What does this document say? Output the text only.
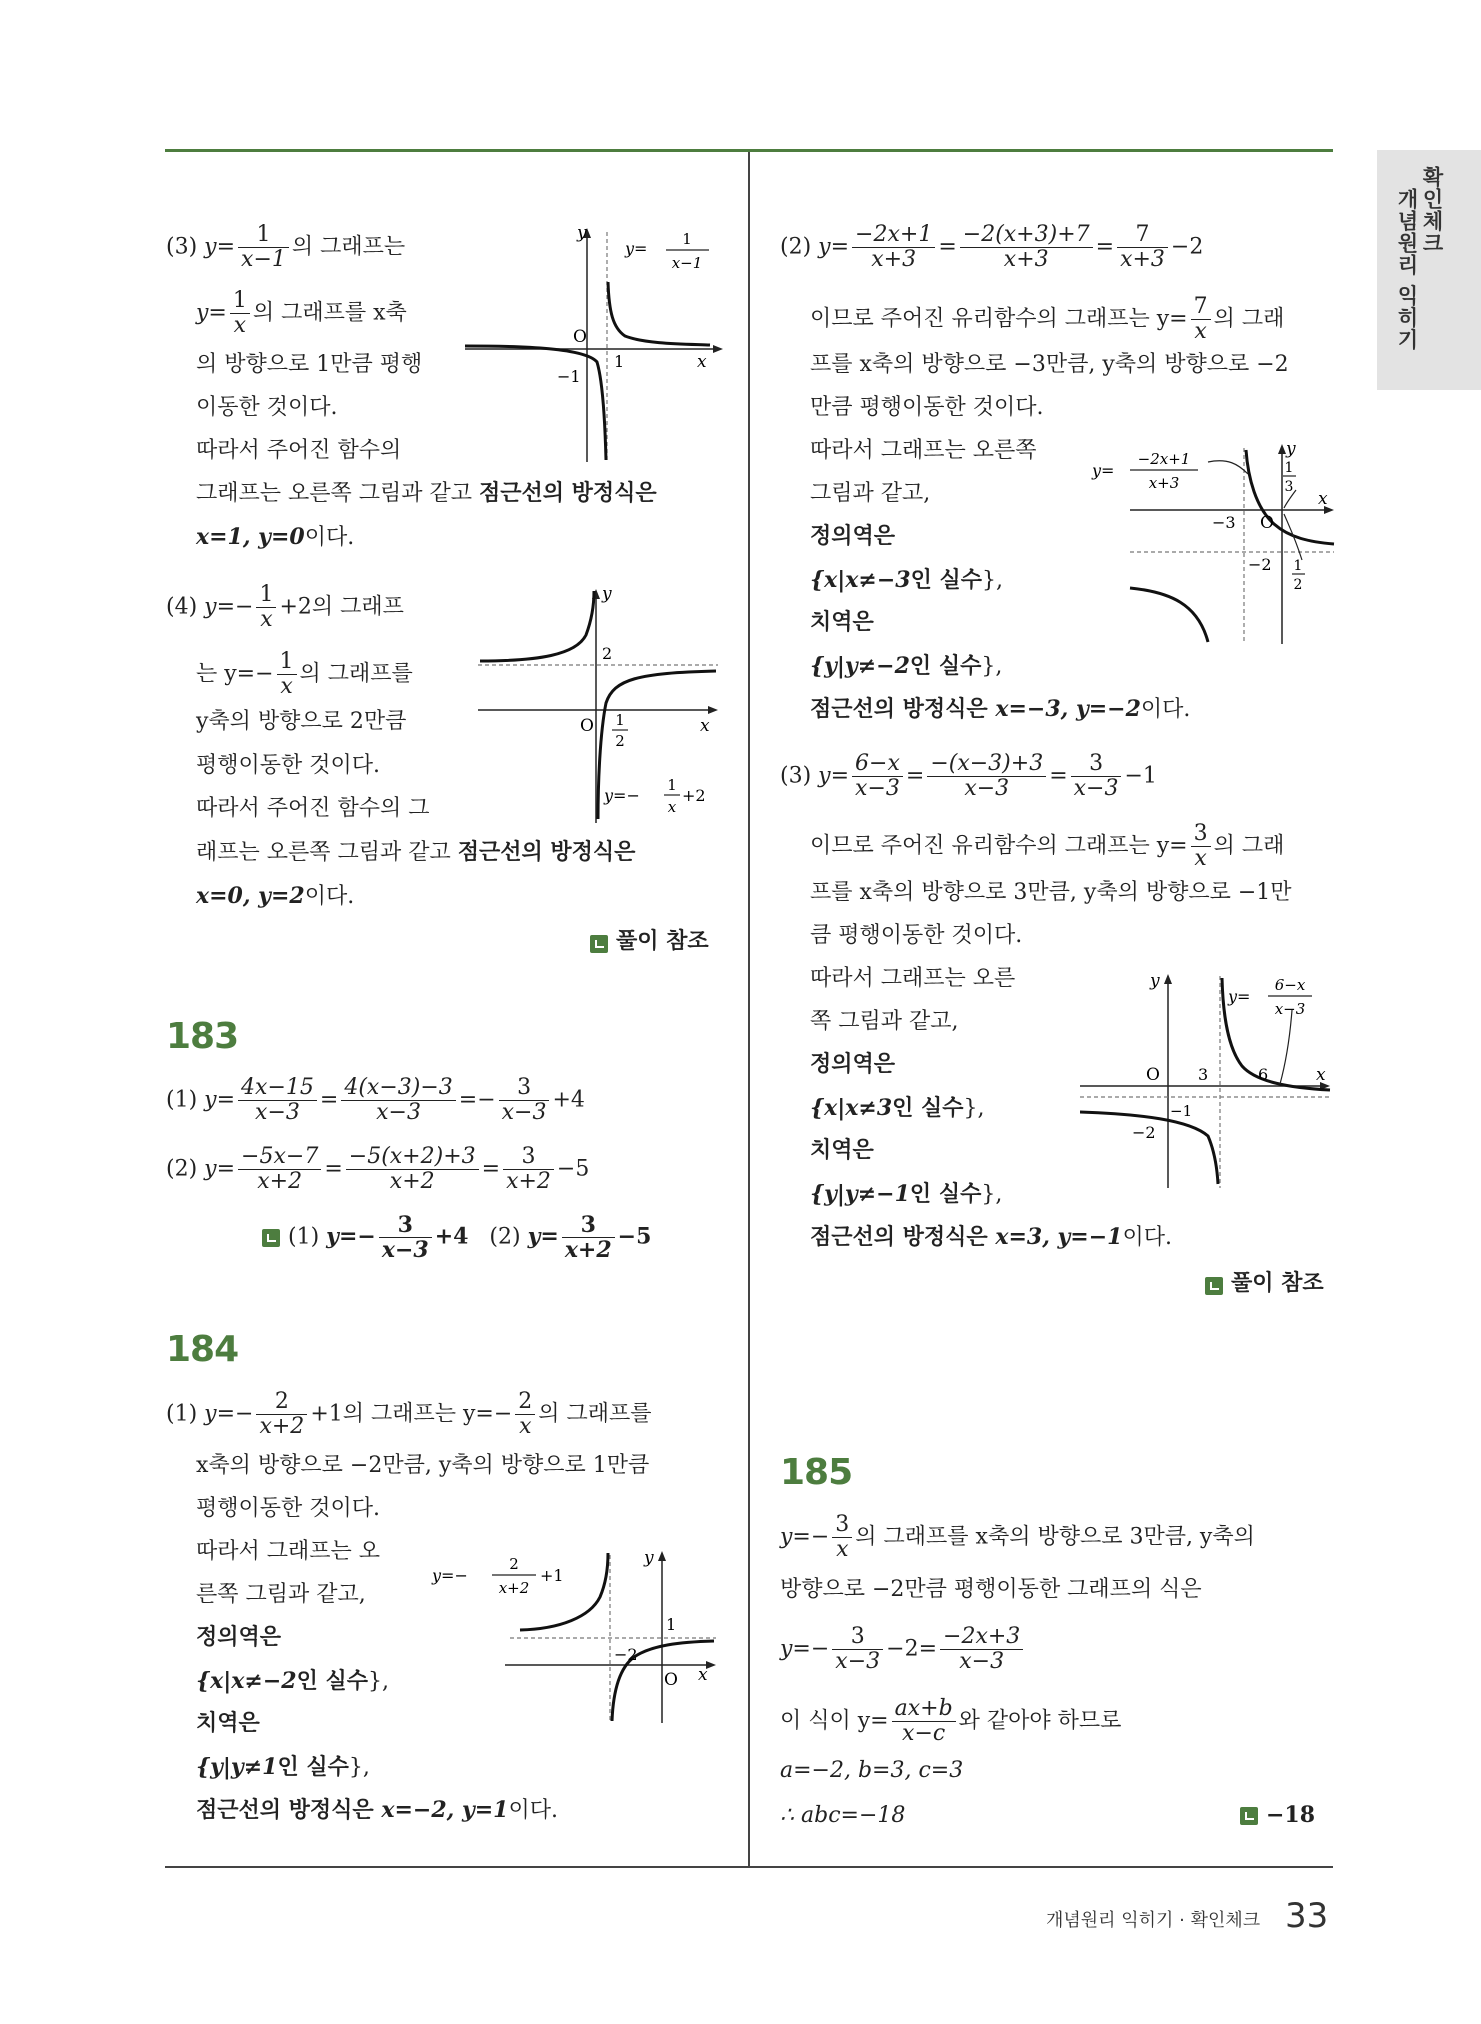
확인체크
개념원리 익히기
(3) $y= \frac{1}{x-1}$ 의 그래프는
$y= \frac{1}{x}$ 의 그래프를 x축
의 방향으로 1만큼 평행
이동한 것이다.
따라서 주어진 함수의
그래프는 오른쪽 그림과 같고 점근선의 방정식은
x=1, y=0이다.
y
x
O
1
−1
y= 1
x−1
(4) $y=- \frac{1}{x} +2$의 그래프
는 $y=- \frac{1}{x}$ 의 그래프를
y축의 방향으로 2만큼
평행이동한 것이다.
따라서 주어진 함수의 그
래프는 오른쪽 그림과 같고 점근선의 방정식은
x=0, y=2이다.
y
x
O
2
1
2
y=−
1
x
+2
풀이 참조
183
(1) $y= \frac{4x-15}{x-3} = \frac{4(x-3)-3}{x-3} =- \frac{3}{x-3} +4$
(2) $y= \frac{-5x-7}{x+2} = \frac{-5(x+2)+3}{x+2} = \frac{3}{x+2} -5$
(1) $y=- \frac{3}{x-3} +4$ (2) $y= \frac{3}{x+2} -5$
184
(1) $y=- \frac{2}{x+2} +1$의 그래프는 $y=- \frac{2}{x}$ 의 그래프를
x축의 방향으로 −2만큼, y축의 방향으로 1만큼
평행이동한 것이다.
따라서 그래프는 오
른쪽 그림과 같고,
정의역은
{x|x≠−2인 실수},
치역은
{y|y≠1인 실수},
점근선의 방정식은 x=−2, y=1이다.
y
x
O
1
−2
y=−
2
x+2
+1
(2) $y= \frac{-2x+1}{x+3} = \frac{-2(x+3)+7}{x+3} = \frac{7}{x+3} -2$
이므로 주어진 유리함수의 그래프는 $y= \frac{7}{x}$ 의 그래
프를 x축의 방향으로 −3만큼, y축의 방향으로 −2
만큼 평행이동한 것이다.
따라서 그래프는 오른쪽
그림과 같고,
정의역은
{x|x≠−3인 실수},
치역은
{y|y≠−2인 실수},
점근선의 방정식은 x=−3, y=−2이다.
y
x
O
−3
−2
1
3
1
2
y=
−2x+1
x+3
(3) $y= \frac{6-x}{x-3} = \frac{-(x-3)+3}{x-3} = \frac{3}{x-3} -1$
이므로 주어진 유리함수의 그래프는 $y= \frac{3}{x}$ 의 그래
프를 x축의 방향으로 3만큼, y축의 방향으로 −1만
큼 평행이동한 것이다.
따라서 그래프는 오른
쪽 그림과 같고,
정의역은
{x|x≠3인 실수},
치역은
{y|y≠−1인 실수},
점근선의 방정식은 x=3, y=−1이다.
y
x
O 3	6
−1
−2
y=
6−x
x−3
풀이 참조
185
$y=- \frac{3}{x}$ 의 그래프를 x축의 방향으로 3만큼, y축의
방향으로 −2만큼 평행이동한 그래프의 식은
$y=- \frac{3}{x-3} -2= \frac{-2x+3}{x-3}$
이 식이 $y= \frac{ax+b}{x-c}$ 와 같아야 하므로
a=−2, b=3, c=3
∴ abc=−18	−18
개념원리 익히기 · 확인체크 33
